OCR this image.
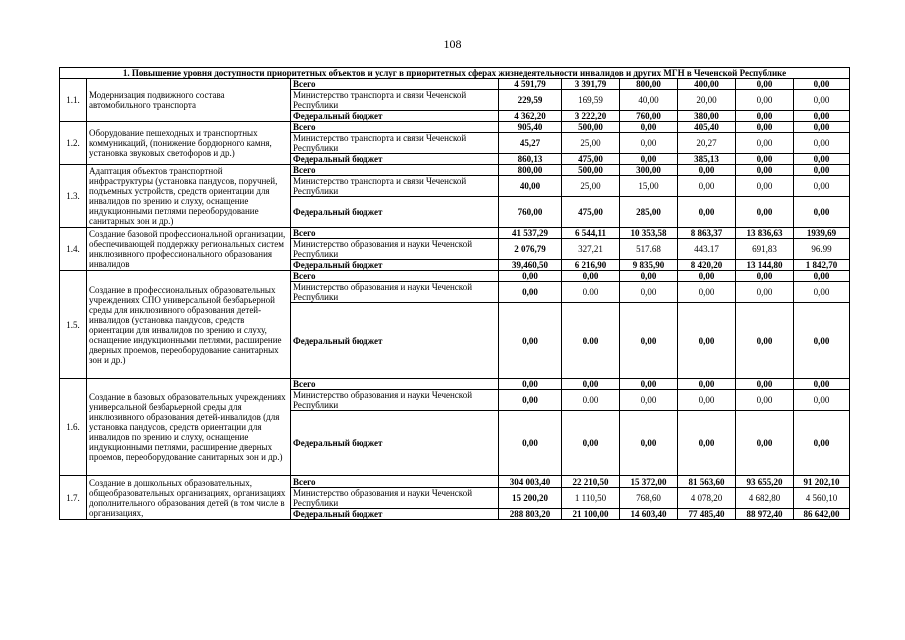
108
1. Повышение уровня доступности приоритетных объектов и услуг в приоритетных сферах жизнедеятельности инвалидов и других МГН в Чеченской Республике								
1.1.	Модернизация подвижного состава автомобильного транспорта	Всего	4 591,79	3 391,79	800,00	400,00	0,00	0,00
		Министерство транспорта и связи Чеченской Республики	229,59	169,59	40,00	20,00	0,00	0,00
		Федеральный бюджет	4 362,20	3 222,20	760,00	380,00	0,00	0,00
1.2.	Оборудование пешеходных и транспортных коммуникаций, (понижение бордюрного камня, установка звуковых светофоров и др.)	Всего	905,40	500,00	0,00	405,40	0,00	0,00
		Министерство транспорта и связи Чеченской Республики	45,27	25,00	0,00	20,27	0,00	0,00
		Федеральный бюджет	860,13	475,00	0,00	385,13	0,00	0,00
1.3.	Адаптация объектов транспортной инфраструктуры (установка пандусов, поручней, подъемных устройств, средств ориентации для инвалидов по зрению и слуху, оснащение индукционными петлями переоборудование санитарных зон и др.)	Всего	800,00	500,00	300,00	0,00	0,00	0,00
		Министерство транспорта и связи Чеченской Республики	40,00	25,00	15,00	0,00	0,00	0,00
		Федеральный бюджет	760,00	475,00	285,00	0,00	0,00	0,00
1.4.	Создание базовой профессиональной организации, обеспечивающей поддержку региональных систем инклюзивного профессионального образования инвалидов	Всего	41 537,29	6 544,11	10 353,58	8 863,37	13 836,63	1939,69
		Министерство образования и науки Чеченской Республики	2 076,79	327,21	517.68	443.17	691,83	96.99
		Федеральный бюджет	39,460,50	6 216,90	9 835,90	8 420,20	13 144,80	1 842,70
1.5.	Создание в профессиональных образовательных учреждениях СПО универсальной безбарьерной среды для инклюзивного образования детей-инвалидов (установка пандусов, средств ориентации для инвалидов по зрению и слуху, оснащение индукционными петлями, расширение дверных проемов, переоборудование санитарных зон и др.)	Всего	0,00	0,00	0,00	0,00	0,00	0,00
		Министерство образования и науки Чеченской Республики	0,00	0.00	0,00	0,00	0,00	0,00
		Федеральный бюджет	0,00	0.00	0,00	0,00	0,00	0,00
1.6.	Создание в базовых образовательных учреждениях универсальной безбарьерной среды для инклюзивного образования детей-инвалидов (для установка пандусов, средств ориентации для инвалидов по зрению и слуху, оснащение индукционными петлями, расширение дверных проемов, переоборудование санитарных зон и др.)	Всего	0,00	0,00	0,00	0,00	0,00	0,00
		Министерство образования и науки Чеченской Республики	0,00	0.00	0,00	0,00	0,00	0,00
		Федеральный бюджет	0,00	0,00	0,00	0,00	0,00	0,00
1.7.	Создание в дошкольных образовательных, общеобразовательных организациях, организациях дополнительного образования детей (в том числе в организациях,	Всего	304 003,40	22 210,50	15 372,00	81 563,60	93 655,20	91 202,10
		Министерство образования и науки Чеченской Республики	15 200,20	1 110,50	768,60	4 078,20	4 682,80	4 560,10
		Федеральный бюджет	288 803,20	21 100,00	14 603,40	77 485,40	88 972,40	86 642,00
